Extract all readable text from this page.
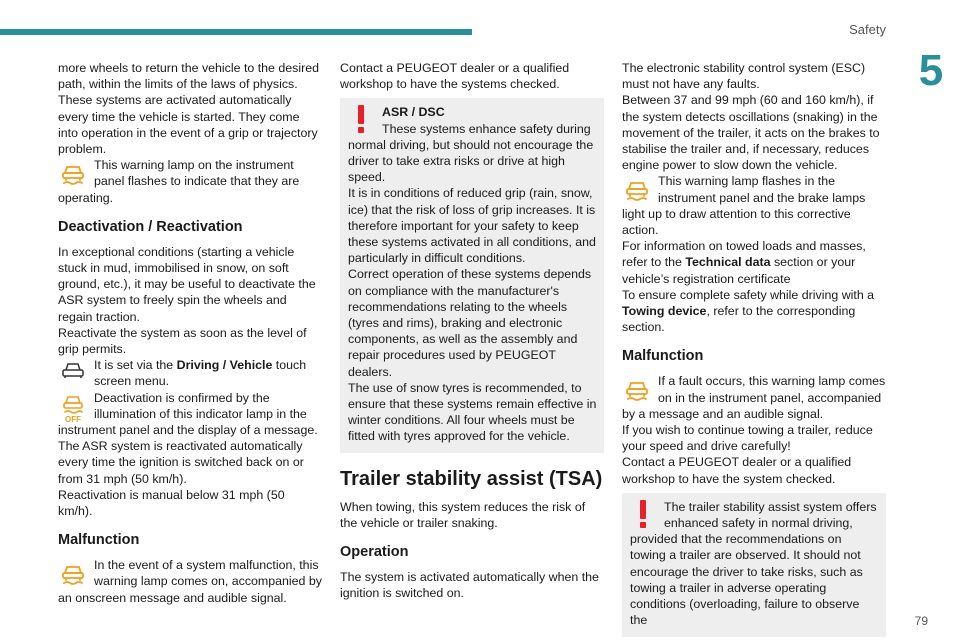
Safety
5

more wheels to return the vehicle to the desired path, within the limits of the laws of physics. These systems are activated automatically every time the vehicle is started. They come into operation in the event of a grip or trajectory problem.

This warning lamp on the instrument panel flashes to indicate that they are operating.

Deactivation / Reactivation

In exceptional conditions (starting a vehicle stuck in mud, immobilised in snow, on soft ground, etc.), it may be useful to deactivate the ASR system to freely spin the wheels and regain traction.

Reactivate the system as soon as the level of grip permits.

It is set via the Driving / Vehicle touch screen menu.

OFF

Deactivation is confirmed by the illumination of this indicator lamp in the instrument panel and the display of a message.

The ASR system is reactivated automatically every time the ignition is switched back on or from 31 mph (50 km/h).

Reactivation is manual below 31 mph (50 km/h).

Malfunction

In the event of a system malfunction, this warning lamp comes on, accompanied by an onscreen message and audible signal.

Contact a PEUGEOT dealer or a qualified workshop to have the systems checked.

ASR / DSC

These systems enhance safety during normal driving, but should not encourage the driver to take extra risks or drive at high speed.

It is in conditions of reduced grip (rain, snow, ice) that the risk of loss of grip increases. It is therefore important for your safety to keep these systems activated in all conditions, and particularly in difficult conditions.

Correct operation of these systems depends on compliance with the manufacturer's recommendations relating to the wheels (tyres and rims), braking and electronic components, as well as the assembly and repair procedures used by PEUGEOT dealers.

The use of snow tyres is recommended, to ensure that these systems remain effective in winter conditions. All four wheels must be fitted with tyres approved for the vehicle.

Trailer stability assist (TSA)

When towing, this system reduces the risk of the vehicle or trailer snaking.

Operation

The system is activated automatically when the ignition is switched on.

The electronic stability control system (ESC) must not have any faults.

Between 37 and 99 mph (60 and 160 km/h), if the system detects oscillations (snaking) in the movement of the trailer, it acts on the brakes to stabilise the trailer and, if necessary, reduces engine power to slow down the vehicle.

This warning lamp flashes in the instrument panel and the brake lamps light up to draw attention to this corrective action.

For information on towed loads and masses, refer to the Technical data section or your vehicle’s registration certificate

To ensure complete safety while driving with a Towing device, refer to the corresponding section.

Malfunction

If a fault occurs, this warning lamp comes on in the instrument panel, accompanied by a message and an audible signal.

If you wish to continue towing a trailer, reduce your speed and drive carefully!

Contact a PEUGEOT dealer or a qualified workshop to have the system checked.

The trailer stability assist system offers enhanced safety in normal driving, provided that the recommendations on towing a trailer are observed. It should not encourage the driver to take risks, such as towing a trailer in adverse operating conditions (overloading, failure to observe the	79
